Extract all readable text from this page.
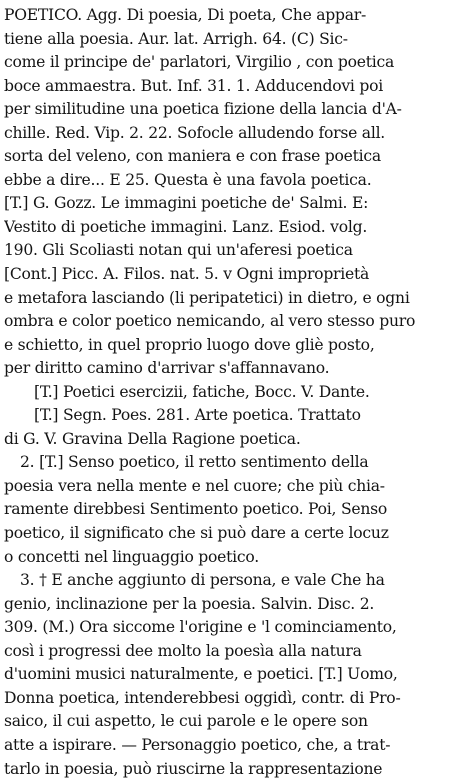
POETICO. Agg. Di poesia, Di poeta, Che appar-
tiene alla poesia. Aur. lat. Arrigh. 64. (C) Sic-
come il principe de' parlatori, Virgilio , con poetica
boce ammaestra. But. Inf. 31. 1. Adducendovi poi
per similitudine una poetica fizione della lancia d'A-
chille. Red. Vip. 2. 22. Sofocle alludendo forse all.
sorta del veleno, con maniera e con frase poetica
ebbe a dire... E 25. Questa è una favola poetica.
[T.] G. Gozz. Le immagini poetiche de' Salmi. E:
Vestito di poetiche immagini. Lanz. Esiod. volg.
190. Gli Scoliasti notan qui un'aferesi poetica
[Cont.] Picc. A. Filos. nat. 5. v Ogni improprietà
e metafora lasciando (li peripatetici) in dietro, e ogni
ombra e color poetico nemicando, al vero stesso puro
e schietto, in quel proprio luogo dove gliè posto,
per diritto camino d'arrivar s'affannavano.
[T.] Poetici esercizii, fatiche, Bocc. V. Dante.
[T.] Segn. Poes. 281. Arte poetica. Trattato
di G. V. Gravina Della Ragione poetica.
2. [T.] Senso poetico, il retto sentimento della
poesia vera nella mente e nel cuore; che più chia-
ramente direbbesi Sentimento poetico. Poi, Senso
poetico, il significato che si può dare a certe locuz
o concetti nel linguaggio poetico.
3. † E anche aggiunto di persona, e vale Che ha
genio, inclinazione per la poesia. Salvin. Disc. 2.
309. (M.) Ora siccome l'origine e 'l cominciamento,
così i progressi dee molto la poesìa alla natura
d'uomini musici naturalmente, e poetici. [T.] Uomo,
Donna poetica, intenderebbesi oggidì, contr. di Pro-
saico, il cui aspetto, le cui parole e le opere son
atte a ispirare. — Personaggio poetico, che, a trat-
tarlo in poesia, può riuscirne la rappresentazione
